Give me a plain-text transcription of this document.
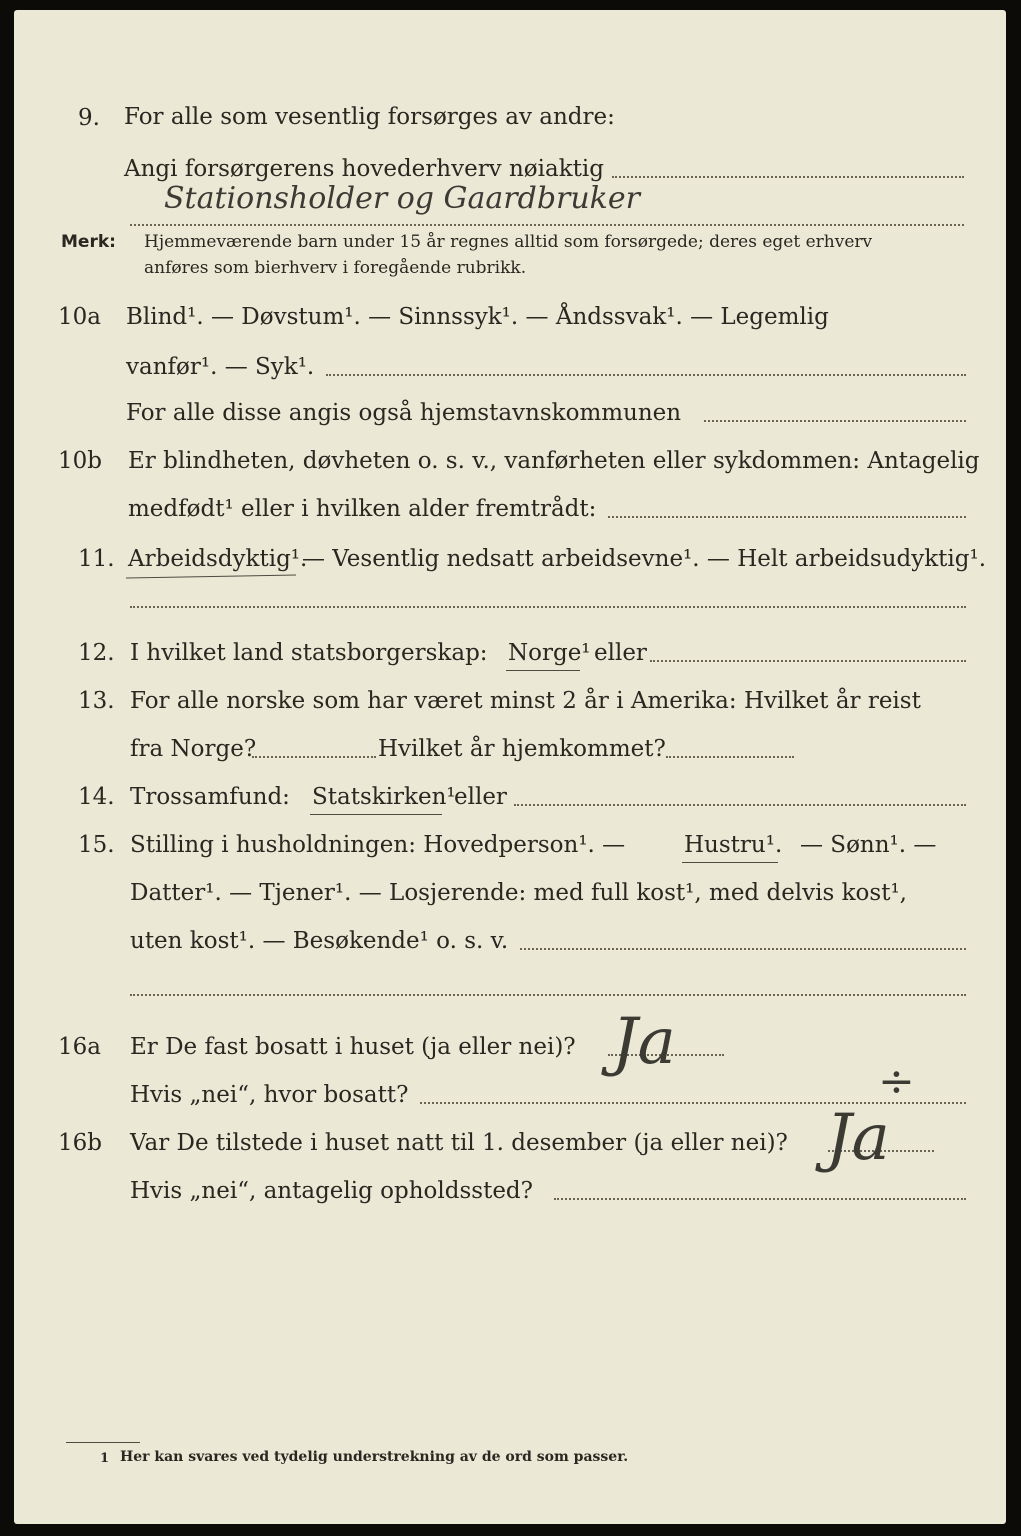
9. For alle som vesentlig forsørges av andre:
Angi forsørgerens hovederhverv nøiaktig
Stationsholder og Gaardbruker
Merk: Hjemmeværende barn under 15 år regnes alltid som forsørgede; deres eget erhverv
anføres som bierhverv i foregående rubrikk.
10a Blind¹. — Døvstum¹. — Sinnssyk¹. — Åndssvak¹. — Legemlig
vanfør¹. — Syk¹.
For alle disse angis også hjemstavnskommunen
10b Er blindheten, døvheten o. s. v., vanførheten eller sykdommen: Antagelig
medfødt¹ eller i hvilken alder fremtrådt:
11. Arbeidsdyktig¹.
— Vesentlig nedsatt arbeidsevne¹. — Helt arbeidsudyktig¹.
12. I hvilket land statsborgerskap: Norge¹ eller
13. For alle norske som har været minst 2 år i Amerika: Hvilket år reist
fra Norge?	Hvilket år hjemkommet?
14. Trossamfund: Statskirken¹
eller
15. Stilling i husholdningen: Hovedperson¹. —	Hustru¹. — Sønn¹. —
Datter¹. — Tjener¹. — Losjerende: med full kost¹, med delvis kost¹,
uten kost¹. — Besøkende¹ o. s. v.
16a Er De fast bosatt i huset (ja eller nei)? Ja
Hvis „nei“, hvor bosatt?	÷
16b Var De tilstede i huset natt til 1. desember (ja eller nei)? Ja
Hvis „nei“, antagelig opholdssted?
1 Her kan svares ved tydelig understrekning av de ord som passer.
